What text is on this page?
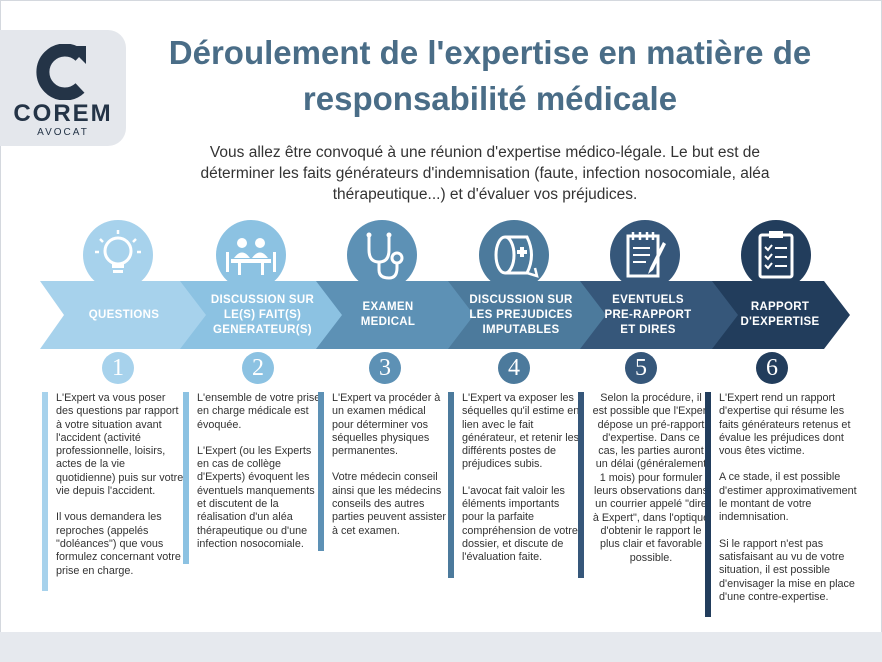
COREM
AVOCAT
Déroulement de l'expertise en matière de responsabilité médicale

Vous allez être convoqué à une réunion d'expertise médico-légale. Le but est de déterminer les faits générateurs d'indemnisation (faute, infection nosocomiale, aléa thérapeutique...) et d'évaluer vos préjudices.

QUESTIONS
DISCUSSION SUR LE(S) FAIT(S) GENERATEUR(S)
EXAMEN MEDICAL
DISCUSSION SUR LES PREJUDICES IMPUTABLES
EVENTUELS PRE-RAPPORT ET DIRES
RAPPORT D'EXPERTISE
1	2	3	4	5	6

L'Expert va vous poser des questions par rapport à votre situation avant l'accident (activité professionnelle, loisirs, actes de la vie quotidienne) puis sur votre vie depuis l'accident.

Il vous demandera les reproches (appelés "doléances") que vous formulez concernant votre prise en charge.

L'ensemble de votre prise en charge médicale est évoquée.

L'Expert (ou les Experts en cas de collège d'Experts) évoquent les éventuels manquements et discutent de la réalisation d'un aléa thérapeutique ou d'une infection nosocomiale.

L'Expert va procéder à un examen médical pour déterminer vos séquelles physiques permanentes.

Votre médecin conseil ainsi que les médecins conseils des autres parties peuvent assister à cet examen.

L'Expert va exposer les séquelles qu'il estime en lien avec le fait générateur, et retenir les différents postes de préjudices subis.

L'avocat fait valoir les éléments importants pour la parfaite compréhension de votre dossier, et discute de l'évaluation faite.

Selon la procédure, il est possible que l'Expert dépose un pré-rapport d'expertise. Dans ce cas, les parties auront un délai (généralement 1 mois) pour formuler leurs observations dans un courrier appelé "dire à Expert", dans l'optique d'obtenir le rapport le plus clair et favorable possible.

L'Expert rend un rapport d'expertise qui résume les faits générateurs retenus et évalue les préjudices dont vous êtes victime.

A ce stade, il est possible d'estimer approximativement le montant de votre indemnisation.

Si le rapport n'est pas satisfaisant au vu de votre situation, il est possible d'envisager la mise en place d'une contre-expertise.
